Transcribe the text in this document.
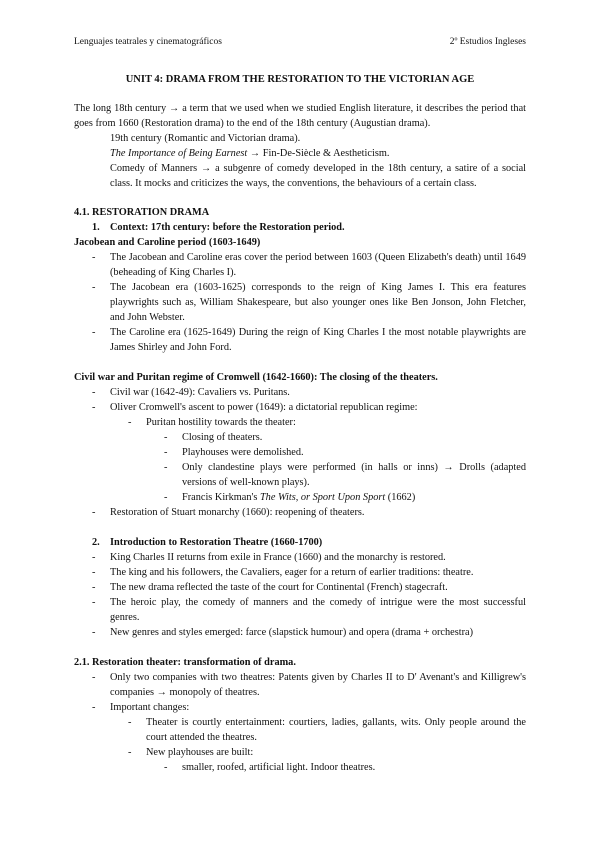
Lenguajes teatrales y cinematográficos	2º Estudios Ingleses

UNIT 4: DRAMA FROM THE RESTORATION TO THE VICTORIAN AGE

The long 18th century → a term that we used when we studied English literature, it describes the period that goes from 1660 (Restoration drama) to the end of the 18th century (Augustian drama).

19th century (Romantic and Victorian drama).

The Importance of Being Earnest → Fin-De-Siècle & Aestheticism.

Comedy of Manners → a subgenre of comedy developed in the 18th century, a satire of a social class. It mocks and criticizes the ways, the conventions, the behaviours of a certain class.

4.1. RESTORATION DRAMA

1. Context: 17th century: before the Restoration period.

Jacobean and Caroline period (1603-1649)

- The Jacobean and Caroline eras cover the period between 1603 (Queen Elizabeth's death) until 1649 (beheading of King Charles I).
- The Jacobean era (1603-1625) corresponds to the reign of King James I. This era features playwrights such as, William Shakespeare, but also younger ones like Ben Jonson, John Fletcher, and John Webster.
- The Caroline era (1625-1649) During the reign of King Charles I the most notable playwrights are James Shirley and John Ford.

Civil war and Puritan regime of Cromwell (1642-1660): The closing of the theaters.

- Civil war (1642-49): Cavaliers vs. Puritans.
- Oliver Cromwell's ascent to power (1649): a dictatorial republican regime:
- Puritan hostility towards the theater:
- Closing of theaters.
- Playhouses were demolished.
- Only clandestine plays were performed (in halls or inns) → Drolls (adapted versions of well-known plays).
- Francis Kirkman's The Wits, or Sport Upon Sport (1662)
- Restoration of Stuart monarchy (1660): reopening of theaters.

2. Introduction to Restoration Theatre (1660-1700)

- King Charles II returns from exile in France (1660) and the monarchy is restored.
- The king and his followers, the Cavaliers, eager for a return of earlier traditions: theatre.
- The new drama reflected the taste of the court for Continental (French) stagecraft.
- The heroic play, the comedy of manners and the comedy of intrigue were the most successful genres.
- New genres and styles emerged: farce (slapstick humour) and opera (drama + orchestra)

2.1. Restoration theater: transformation of drama.

- Only two companies with two theatres: Patents given by Charles II to D' Avenant's and Killigrew's companies → monopoly of theatres.
- Important changes:
- Theater is courtly entertainment: courtiers, ladies, gallants, wits. Only people around the court attended the theatres.
- New playhouses are built:
- smaller, roofed, artificial light. Indoor theatres.
